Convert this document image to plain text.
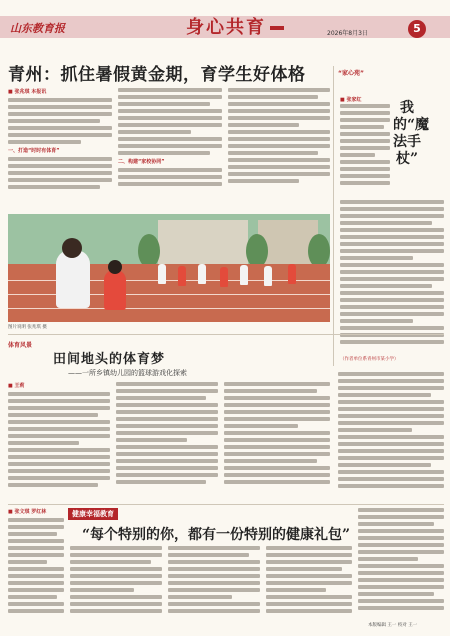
山东教育报	身心共育	2026年8月3日	5
青州：抓住暑假黄金期，育学生好体格
■ 张兆琪 本报讯
一、打造“时时有体育”
二、构建“家校协同”
图片说明 张兆琪 摄
“家心苑”
■ 张家红	我的“魔法手杖”
（作者单位系青州市某小学）
体育风景
田间地头的体育梦
——一所乡镇幼儿园的篮球游戏化探索
■ 王莉
健康幸福教育
“每个特别的你，都有一份特别的健康礼包”
■ 张文琪 罗红林
本版编辑 王一 校对 王一
